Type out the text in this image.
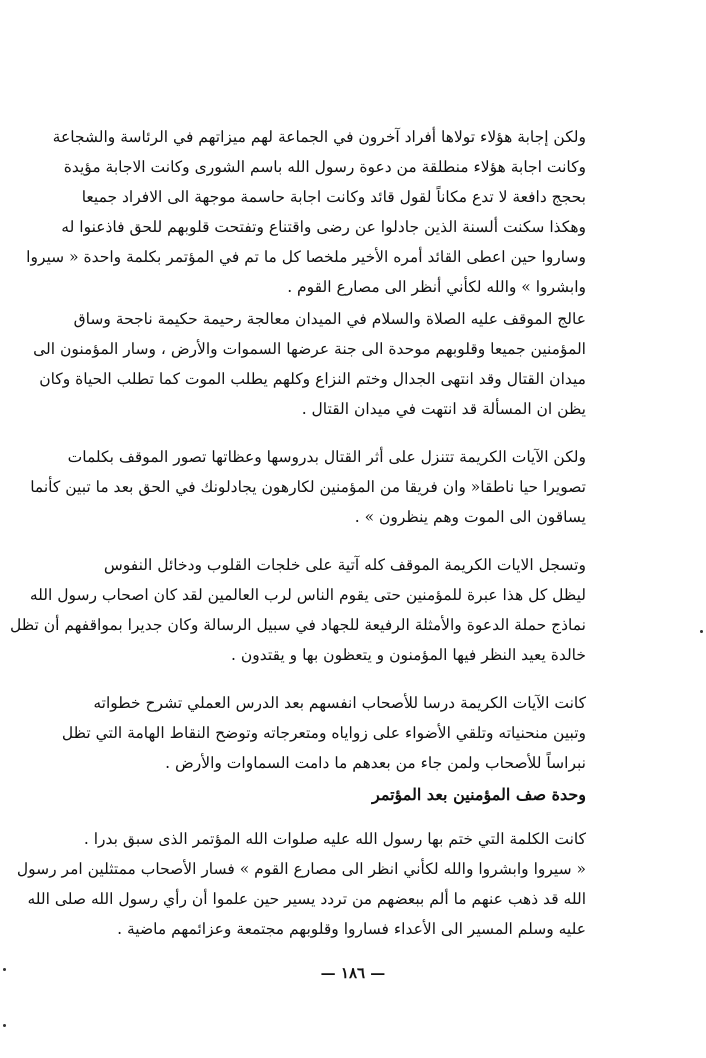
ولكن إجابة هؤلاء تولاها أفراد آخرون في الجماعة لهم ميزاتهم في الرئاسة والشجاعة
وكانت اجابة هؤلاء منطلقة من دعوة رسول الله باسم الشورى وكانت الاجابة مؤيدة
بحجج دافعة لا تدع مكاناً لقول قائد وكانت اجابة حاسمة موجهة الى الافراد جميعا
وهكذا سكنت ألسنة الذين جادلوا عن رضى واقتناع وتفتحت قلوبهم للحق فاذعنوا له
وساروا حين اعطى القائد أمره الأخير ملخصا كل ما تم في المؤتمر بكلمة واحدة « سيروا
وابشروا » والله لكأني أنظر الى مصارع القوم .

عالج الموقف عليه الصلاة والسلام في الميدان معالجة رحيمة حكيمة ناجحة وساق
المؤمنين جميعا وقلوبهم موحدة الى جنة عرضها السموات والأرض ، وسار المؤمنون الى
ميدان القتال وقد انتهى الجدال وختم النزاع وكلهم يطلب الموت كما تطلب الحياة وكان
يظن ان المسألة قد انتهت في ميدان القتال .

ولكن الآيات الكريمة تتنزل على أثر القتال بدروسها وعظاتها تصور الموقف بكلمات
تصويرا حيا ناطقا« وان فريقا من المؤمنين لكارهون يجادلونك في الحق بعد ما تبين كأنما
يساقون الى الموت وهم ينظرون » .

وتسجل الايات الكريمة الموقف كله آتية على خلجات القلوب ودخائل النفوس
ليظل كل هذا عبرة للمؤمنين حتى يقوم الناس لرب العالمين لقد كان اصحاب رسول الله
نماذج حملة الدعوة والأمثلة الرفيعة للجهاد في سبيل الرسالة وكان جديرا بمواقفهم أن تظل
خالدة يعيد النظر فيها المؤمنون و يتعظون بها و يقتدون .

كانت الآيات الكريمة درسا للأصحاب انفسهم بعد الدرس العملي تشرح خطواته
وتبين منحنياته وتلقي الأضواء على زواياه ومتعرجاته وتوضح النقاط الهامة التي تظل
نبراساً للأصحاب ولمن جاء من بعدهم ما دامت السماوات والأرض .

وحدة صف المؤمنين بعد المؤتمر

كانت الكلمة التي ختم بها رسول الله عليه صلوات الله المؤتمر الذى سبق بدرا .
« سيروا وابشروا والله لكأني انظر الى مصارع القوم » فسار الأصحاب ممتثلين امر رسول
الله قد ذهب عنهم ما ألم ببعضهم من تردد يسير حين علموا أن رأي رسول الله صلى الله
عليه وسلم المسير الى الأعداء فساروا وقلوبهم مجتمعة وعزائمهم ماضية .

— ١٨٦ —
